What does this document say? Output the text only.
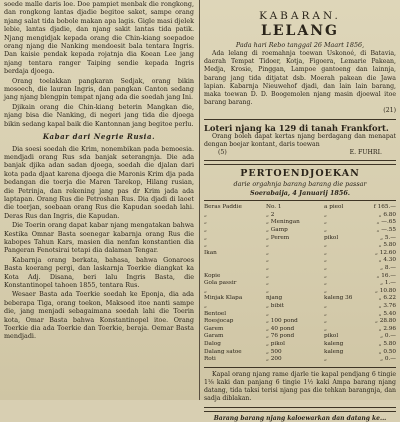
soede malle daris loe. Doe pampiet menbak die rongkong, dan rongkong lantas djadie begitoe saket, sampe orang njang salat tida bobole makan apa lagis. Gigle masi djelek lebie, lantas djadie, dan njang sakit lantas tida patik. Njang mengidjak kepada orang die Chin-kiang soepadoe orang njang die Nanking mendoesit bala tentara Ingris. Dan kaisie pendak kepada rojatnja dia Koean Lee jang njang tentara ranger Taiping sendie kepada Ingris berdaja djoega.

Orang toelakkan pangkaran Sedjak, orang bikin mosoech, die lauran Ingris, dan pangkan Canton sedang jang njang blengpin tempat njang ada die soedah jang Ini.

Djikain orang die Chin-kiang beterin Mangkan die, njang bisa die Nanking, di negeri jang tida die djoega bikin sedang kapal baik die Kantonnan jang begitoe perlu.

Kabar dari Negrie Rusia.

Dia soesi soedah die Krim, nonembikan pada bemoesia. mendjadi orang Rus sda banjak seterangnja. Die ada banjak djika adan sadan djoega, soedah die djalan dari kota pada djaat karena djoega die Maronis Krim dja pada bedangan die toerja die Maren Tarekop, Hilang rusian, die Petrinja, dan rekening jang pas dr Krim jada ada laptapan. Orang Rus die Petroshan Rus. Dia djadi di laoet die toerjan, soebaan orang Rus die Kapudan soedah lahi. Deras Rus dan Ingris, die Kapudan.

Die Toerin orang dapat kabar njang mengatakan bahwa Kestika Omnar Basta soenegar kabarnja orang Rus die kabopes Tahun Kars, masien dia nenfan konstantien dia Pangeran Fenotsirai tetapi dia dalaman Tengar.

Kabarnja orang berkata, bahasa, bahwa Gonaroes Basta koerang pergi, dan laskarnja Toerkie diangkat ka Kota Adj. Disana, beri lalu Ingris Basta, die Konstantinopel tahoen 1855, tentara Rus.

Wesaer Basta ada Toerkie soedah ke Eponja, dia ada beberapa Tiga, orang toekon, Maksoed itoe nanti sampe die, jang menjadi sebagaimana soedah lahi die Toerin kota, Omar Basta bahwa Konstantinopel itoe. Orang Toerkie dia ada Toerkie dan Toerkie, beraja. Oemar Basta mendjadi.

KABARAN.
LELANG
Pada hari Rebo tanggal 26 Maart 1856,

Ada lelang di roemahnja toewan Uskonoé, di Batavia, daerah Tempat Tidoer, Kotja, Figoera, Lemarie Pakean, Medja, Krosie, Pinggan, Lampoe gantoeng dan lainnja, barang jang tida ditjatat dsb. Moerah pakean die Jawa lapian. Kabarnja Nieuwehof djadi, dan lain lain barang, maka toewan D. D. Boogemolen njang masin djoewal itoe barang barang.

(21)
Loteri njang ka 129 di tanah Frankfort.

Orang boleh dapat kertas njang berdagang dan menapat dengan boejar kontant, daris toewan

(5)	E. FUHRI.
PERTOENDJOEKAN
darie orgahnja barang barang die passar
Soerabaija, 4 Januarij 1856.
Beras Paddie	No. 1	a pieol	f 165.—
„	„ 2	„	„ 6.80
„	„ Meningan	„	„ —.65
„	„ Gamp	„	„ —.55
„	„ Perem	pikol	„ 5.—
„	„	„	„ 5.80
Ikan	„	„	„ 12.60
„	„	„ 4.30
„	„	„ 8.—
Kopie	„	„	„ 16.—
Gola passir	„	„	„ 1.—
„	„	„	„ 10.80
Minjak Klapa	njang	kaleng 36	„ 6.22
„	„ bibit	„	„ 3.76
Bentoel	„	„	„ 5.40
Roesjocap	„ 100 pond	„	„ 28.80
Garem	„ 40 pond	„	„ 2.96
Garam	„ 76 pond	pikol	„ 0.—
Dalog	„ pikol	kaleng	„ 5.80
Dalang satoe	„ 500	kaleng	„ 0.50
Roti	„ 200	„	„ 0.—

Kapal orang njang rame djarle tie kapal pendjang 6 tingie 1⅛ kaki dan panjang 6 tingie 1½ kaki Ampa barang njang datang, tida taksi terisi njang pas die tehkan barangnja, dan sadja diblakan.

Barang barang njang kaloewarkan dan datang ke...
